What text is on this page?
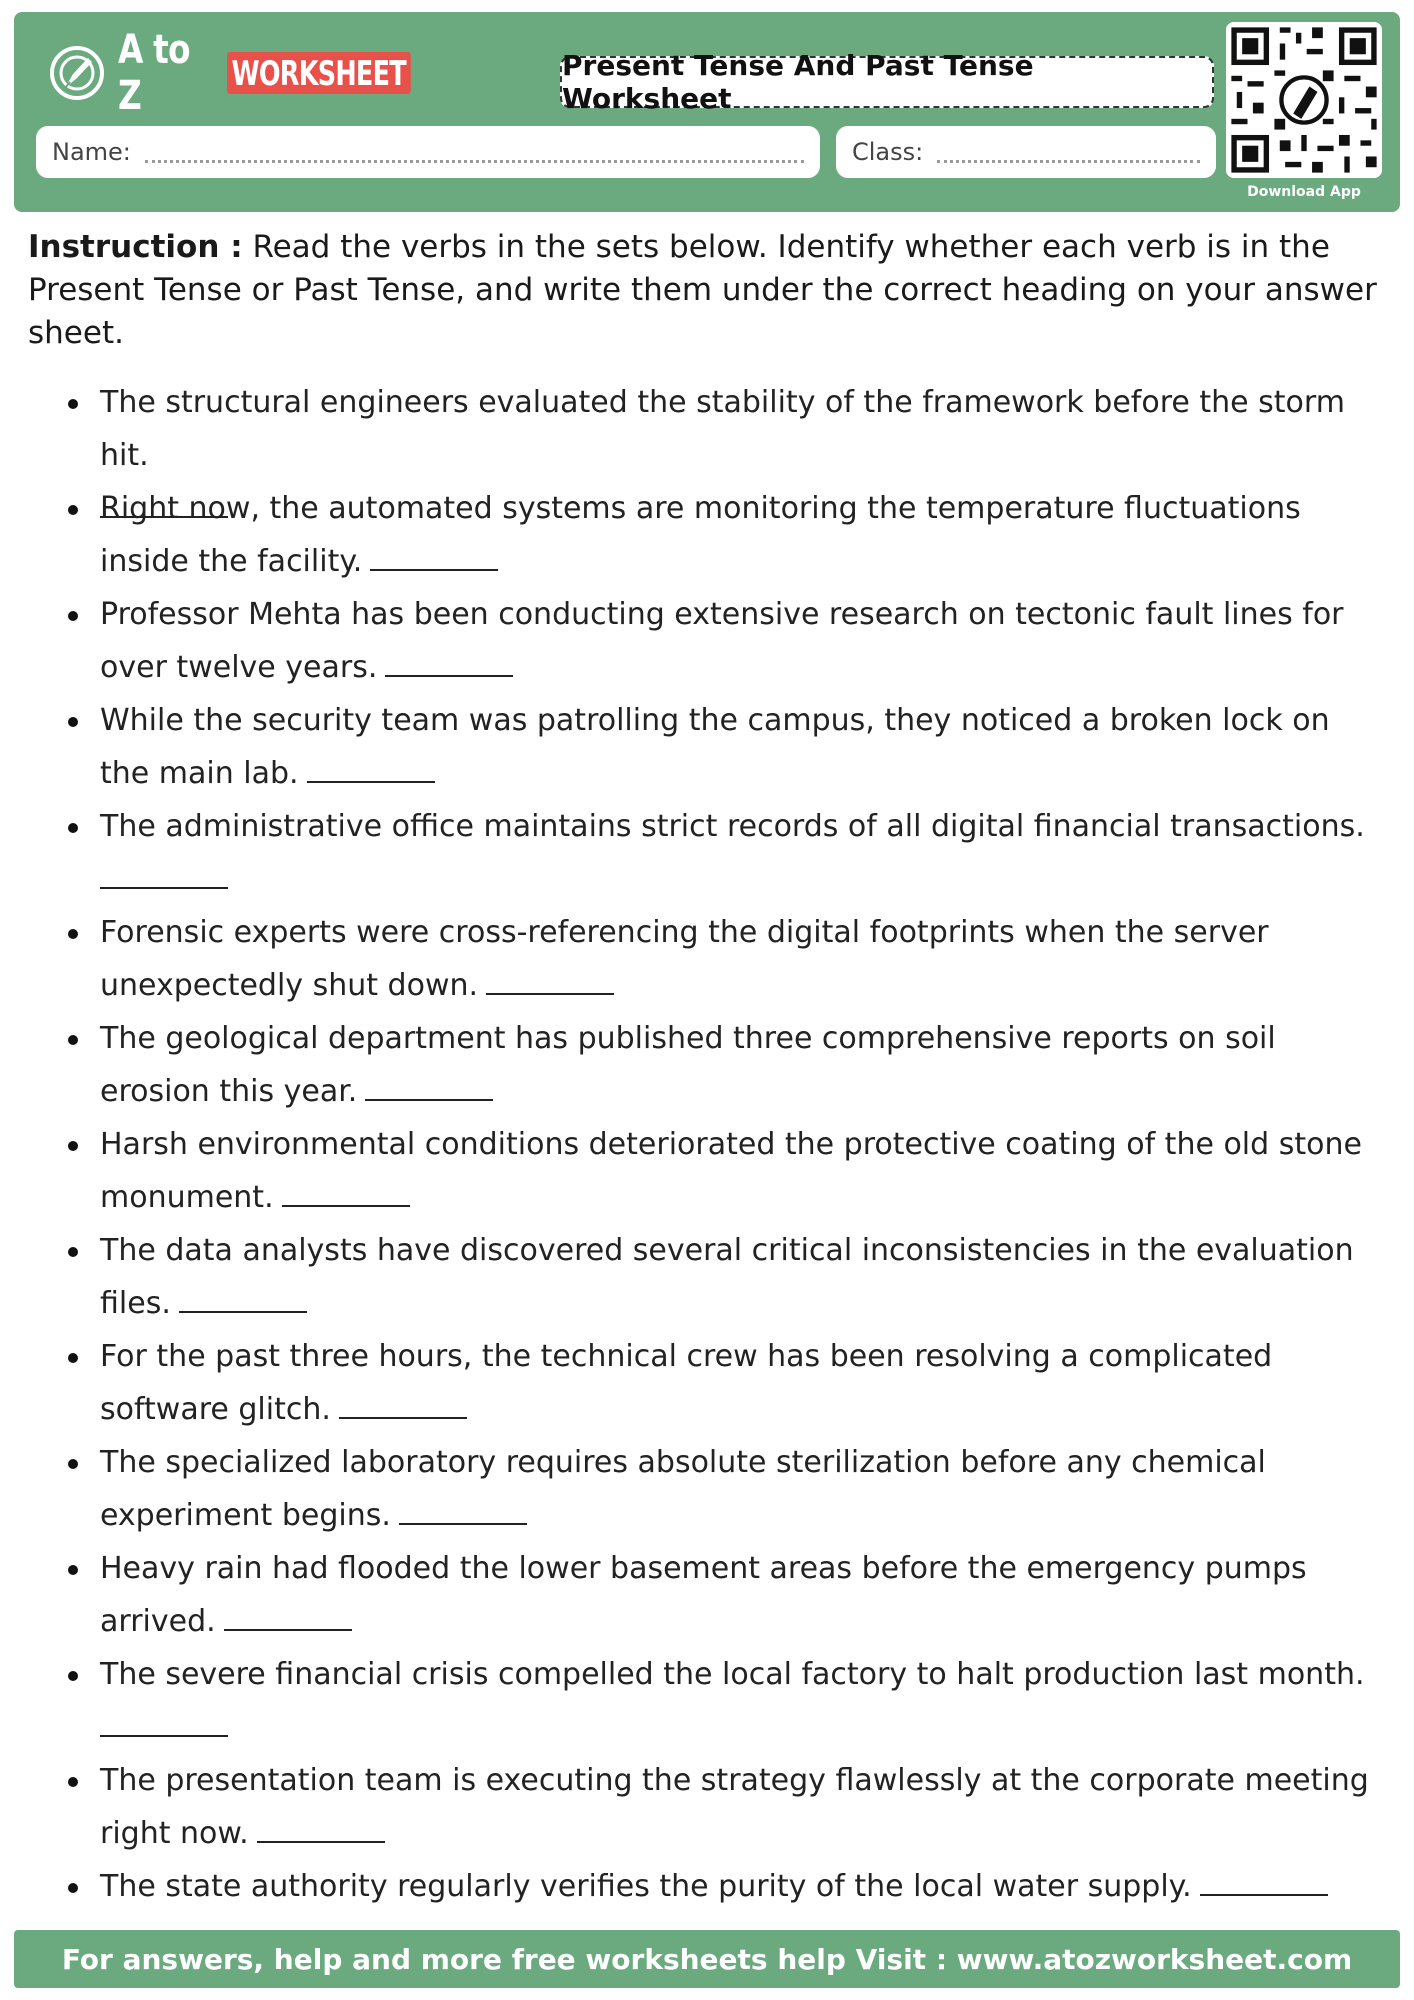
A to Z	WORKSHEET	Present Tense And Past Tense Worksheet
Name:	Class:
Download App
Instruction : Read the verbs in the sets below. Identify whether each verb is in the Present Tense or Past Tense, and write them under the correct heading on your answer sheet.
The structural engineers evaluated the stability of the framework before the storm hit.

Right now, the automated systems are monitoring the temperature fluctuations inside the facility.
Professor Mehta has been conducting extensive research on tectonic fault lines for over twelve years.
While the security team was patrolling the campus, they noticed a broken lock on the main lab.
The administrative office maintains strict records of all digital financial transactions.

Forensic experts were cross-referencing the digital footprints when the server unexpectedly shut down.
The geological department has published three comprehensive reports on soil erosion this year.
Harsh environmental conditions deteriorated the protective coating of the old stone monument.
The data analysts have discovered several critical inconsistencies in the evaluation files.
For the past three hours, the technical crew has been resolving a complicated software glitch.
The specialized laboratory requires absolute sterilization before any chemical experiment begins.
Heavy rain had flooded the lower basement areas before the emergency pumps arrived.
The severe financial crisis compelled the local factory to halt production last month.

The presentation team is executing the strategy flawlessly at the corporate meeting right now.
The state authority regularly verifies the purity of the local water supply.
For answers, help and more free worksheets help Visit : www.atozworksheet.com
